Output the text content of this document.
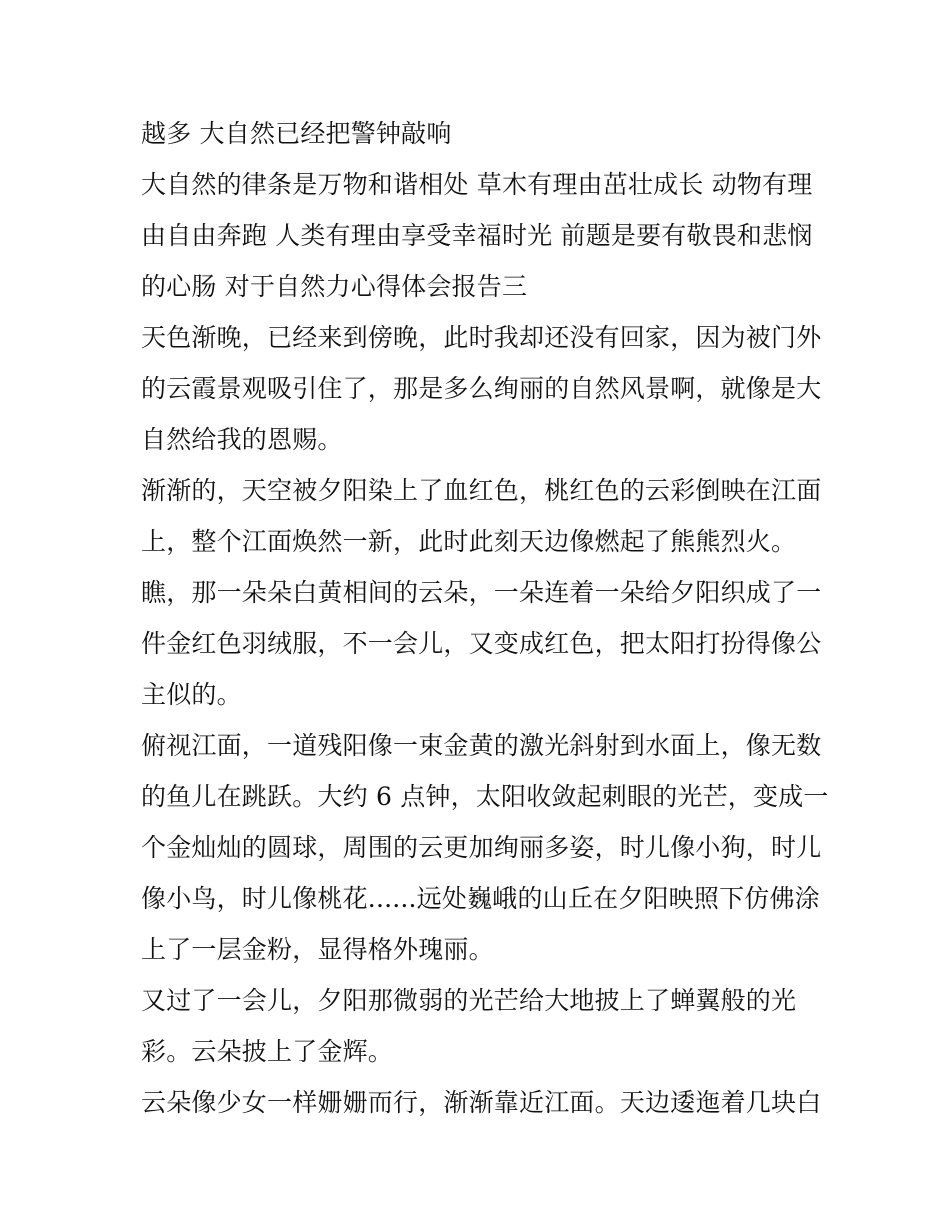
越多 大自然已经把警钟敲响
大自然的律条是万物和谐相处 草木有理由茁壮成长 动物有理
由自由奔跑 人类有理由享受幸福时光 前题是要有敬畏和悲悯
的心肠 对于自然力心得体会报告三
天色渐晚，已经来到傍晚，此时我却还没有回家，因为被门外
的云霞景观吸引住了，那是多么绚丽的自然风景啊，就像是大
自然给我的恩赐。
渐渐的，天空被夕阳染上了血红色，桃红色的云彩倒映在江面
上，整个江面焕然一新，此时此刻天边像燃起了熊熊烈火。
瞧，那一朵朵白黄相间的云朵，一朵连着一朵给夕阳织成了一
件金红色羽绒服，不一会儿，又变成红色，把太阳打扮得像公
主似的。
俯视江面，一道残阳像一束金黄的激光斜射到水面上，像无数
的鱼儿在跳跃。大约 6 点钟，太阳收敛起刺眼的光芒，变成一
个金灿灿的圆球，周围的云更加绚丽多姿，时儿像小狗，时儿
像小鸟，时儿像桃花......远处巍峨的山丘在夕阳映照下仿佛涂
上了一层金粉，显得格外瑰丽。
又过了一会儿，夕阳那微弱的光芒给大地披上了蝉翼般的光
彩。云朵披上了金辉。
云朵像少女一样姗姗而行，渐渐靠近江面。天边逶迤着几块白
